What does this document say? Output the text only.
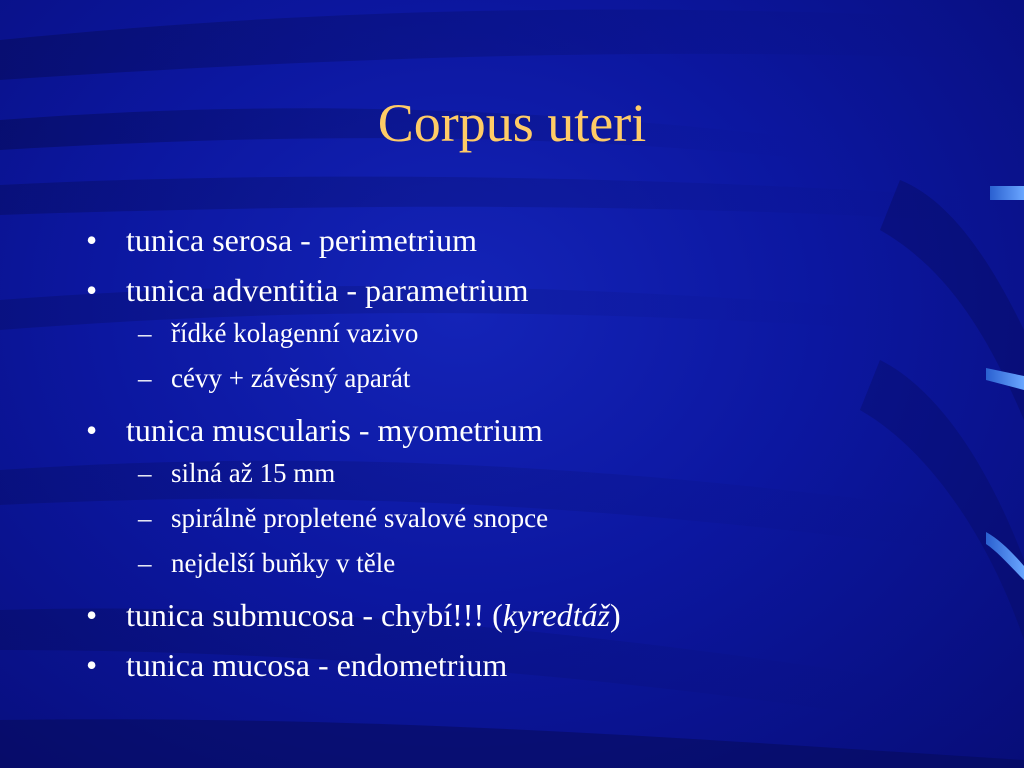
Corpus uteri
• tunica serosa - perimetrium
• tunica adventitia - parametrium
– řídké kolagenní vazivo
– cévy + závěsný aparát
• tunica muscularis - myometrium
– silná až 15 mm
– spirálně propletené svalové snopce
– nejdelší buňky v těle
• tunica submucosa - chybí!!! (kyredtáž)
• tunica mucosa - endometrium
